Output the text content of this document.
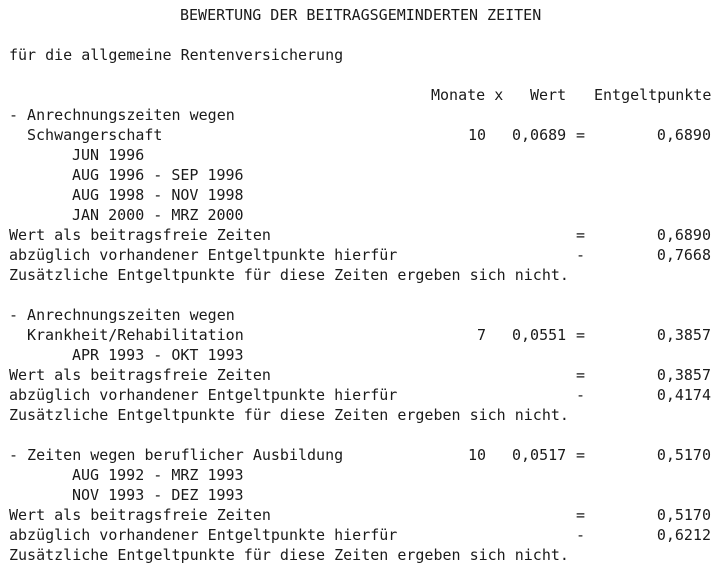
BEWERTUNG DER BEITRAGSGEMINDERTEN ZEITEN
für die allgemeine Rentenversicherung
Monate x Wert Entgeltpunkte
- Anrechnungszeiten wegen
Schwangerschaft	10 0,0689 =	0,6890
JUN 1996
AUG 1996 - SEP 1996
AUG 1998 - NOV 1998
JAN 2000 - MRZ 2000
Wert als beitragsfreie Zeiten	=	0,6890
abzüglich vorhandener Entgeltpunkte hierfür	-	0,7668
Zusätzliche Entgeltpunkte für diese Zeiten ergeben sich nicht.
- Anrechnungszeiten wegen
Krankheit/Rehabilitation	7 0,0551 =	0,3857
APR 1993 - OKT 1993
Wert als beitragsfreie Zeiten	=	0,3857
abzüglich vorhandener Entgeltpunkte hierfür	-	0,4174
Zusätzliche Entgeltpunkte für diese Zeiten ergeben sich nicht.
- Zeiten wegen beruflicher Ausbildung	10 0,0517 =	0,5170
AUG 1992 - MRZ 1993
NOV 1993 - DEZ 1993
Wert als beitragsfreie Zeiten	=	0,5170
abzüglich vorhandener Entgeltpunkte hierfür	-	0,6212
Zusätzliche Entgeltpunkte für diese Zeiten ergeben sich nicht.
